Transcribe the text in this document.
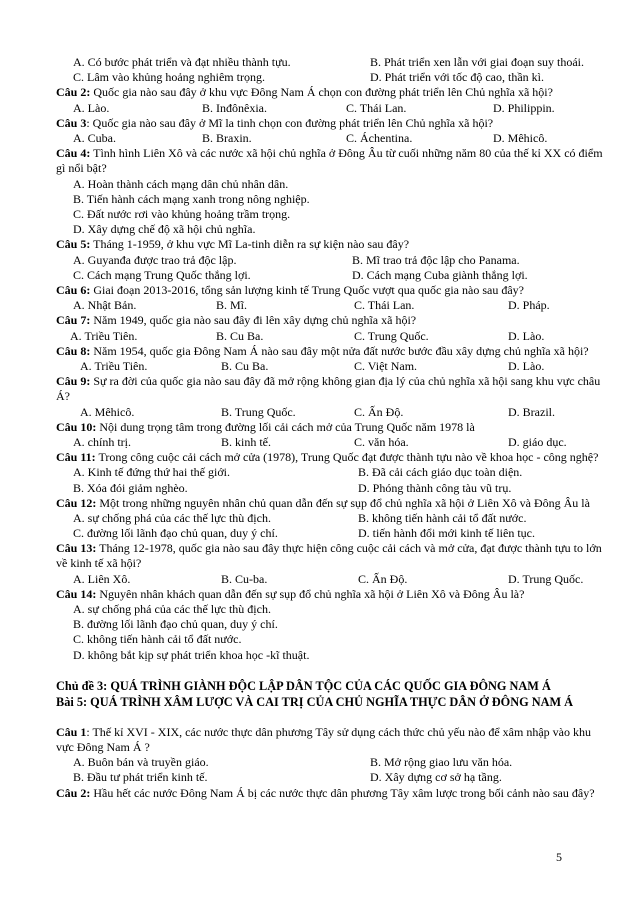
A. Có bước phát triển và đạt nhiều thành tựu.	B. Phát triển xen lẫn với giai đoạn suy thoái.
C. Lâm vào khủng hoảng nghiêm trọng.	D. Phát triển với tốc độ cao, thần kì.
Câu 2: Quốc gia nào sau đây ở khu vực Đông Nam Á chọn con đường phát triển lên Chủ nghĩa xã hội?
A. Lào.	B. Inđônêxia.	C. Thái Lan.	D. Philippin.
Câu 3: Quốc gia nào sau đây ở Mĩ la tinh chọn con đường phát triển lên Chủ nghĩa xã hội?
A. Cuba.	B. Braxin.	C. Áchentina.	D. Mêhicô.
Câu 4: Tình hình Liên Xô và các nước xã hội chủ nghĩa ở Đông Âu từ cuối những năm 80 của thế kỉ XX có điểm gì nổi bật?
A. Hoàn thành cách mạng dân chủ nhân dân.
B. Tiến hành cách mạng xanh trong nông nghiệp.
C. Đất nước rơi vào khủng hoảng trầm trọng.
D. Xây dựng chế độ xã hội chủ nghĩa.
Câu 5: Tháng 1-1959, ở khu vực Mĩ La-tinh diễn ra sự kiện nào sau đây?
A. Guyanđa được trao trả độc lập.	B. Mĩ trao trả độc lập cho Panama.
C. Cách mạng Trung Quốc thắng lợi.	D. Cách mạng Cuba giành thắng lợi.
Câu 6: Giai đoạn 2013-2016, tổng sản lượng kinh tế Trung Quốc vượt qua quốc gia nào sau đây?
A. Nhật Bản.	B. Mĩ.	C. Thái Lan.	D. Pháp.
Câu 7: Năm 1949, quốc gia nào sau đây đi lên xây dựng chủ nghĩa xã hội?
A. Triều Tiên.	B. Cu Ba.	C. Trung Quốc.	D. Lào.
Câu 8: Năm 1954, quốc gia Đông Nam Á nào sau đây một nửa đất nước bước đầu xây dựng chủ nghĩa xã hội?
A. Triều Tiên.	B. Cu Ba.	C. Việt Nam.	D. Lào.
Câu 9: Sự ra đời của quốc gia nào sau đây đã mở rộng không gian địa lý của chủ nghĩa xã hội sang khu vực châu Á?
A. Mêhicô.	B. Trung Quốc.	C. Ấn Độ.	D. Brazil.
Câu 10: Nội dung trọng tâm trong đường lối cải cách mở của Trung Quốc năm 1978 là
A. chính trị.	B. kinh tế.	C. văn hóa.	D. giáo dục.
Câu 11: Trong công cuộc cải cách mở cửa (1978), Trung Quốc đạt được thành tựu nào về khoa học - công nghệ?
A. Kinh tế đứng thứ hai thế giới.	B. Đã cải cách giáo dục toàn diện.
B. Xóa đói giảm nghèo.	D. Phóng thành công tàu vũ trụ.
Câu 12: Một trong những nguyên nhân chủ quan dẫn đến sự sụp đổ chủ nghĩa xã hội ở Liên Xô và Đông Âu là
A. sự chống phá của các thế lực thù địch.	B. không tiến hành cải tổ đất nước.
C. đường lối lãnh đạo chủ quan, duy ý chí.	D. tiến hành đổi mới kinh tế liên tục.
Câu 13: Tháng 12-1978, quốc gia nào sau đây thực hiện công cuộc cải cách và mở cửa, đạt được thành tựu to lớn về kinh tế xã hội?
A. Liên Xô.	B. Cu-ba.	C. Ấn Độ.	D. Trung Quốc.
Câu 14: Nguyên nhân khách quan dẫn đến sự sụp đổ chủ nghĩa xã hội ở Liên Xô và Đông Âu là?
A. sự chống phá của các thế lực thù địch.
B. đường lối lãnh đạo chủ quan, duy ý chí.
C. không tiến hành cải tổ đất nước.
D. không bắt kịp sự phát triển khoa học -kĩ thuật.
Chủ đề 3: QUÁ TRÌNH GIÀNH ĐỘC LẬP DÂN TỘC CỦA CÁC QUỐC GIA ĐÔNG NAM Á
Bài 5: QUÁ TRÌNH XÂM LƯỢC VÀ CAI TRỊ CỦA CHỦ NGHĨA THỰC DÂN Ở ĐÔNG NAM Á
Câu 1: Thế kỉ XVI - XIX, các nước thực dân phương Tây sử dụng cách thức chủ yếu nào để xâm nhập vào khu vực Đông Nam Á ?
A. Buôn bán và truyền giáo.	B. Mở rộng giao lưu văn hóa.
B. Đầu tư phát triển kinh tế.	D. Xây dựng cơ sở hạ tầng.
Câu 2: Hầu hết các nước Đông Nam Á bị các nước thực dân phương Tây xâm lược trong bối cảnh nào sau đây?
5
